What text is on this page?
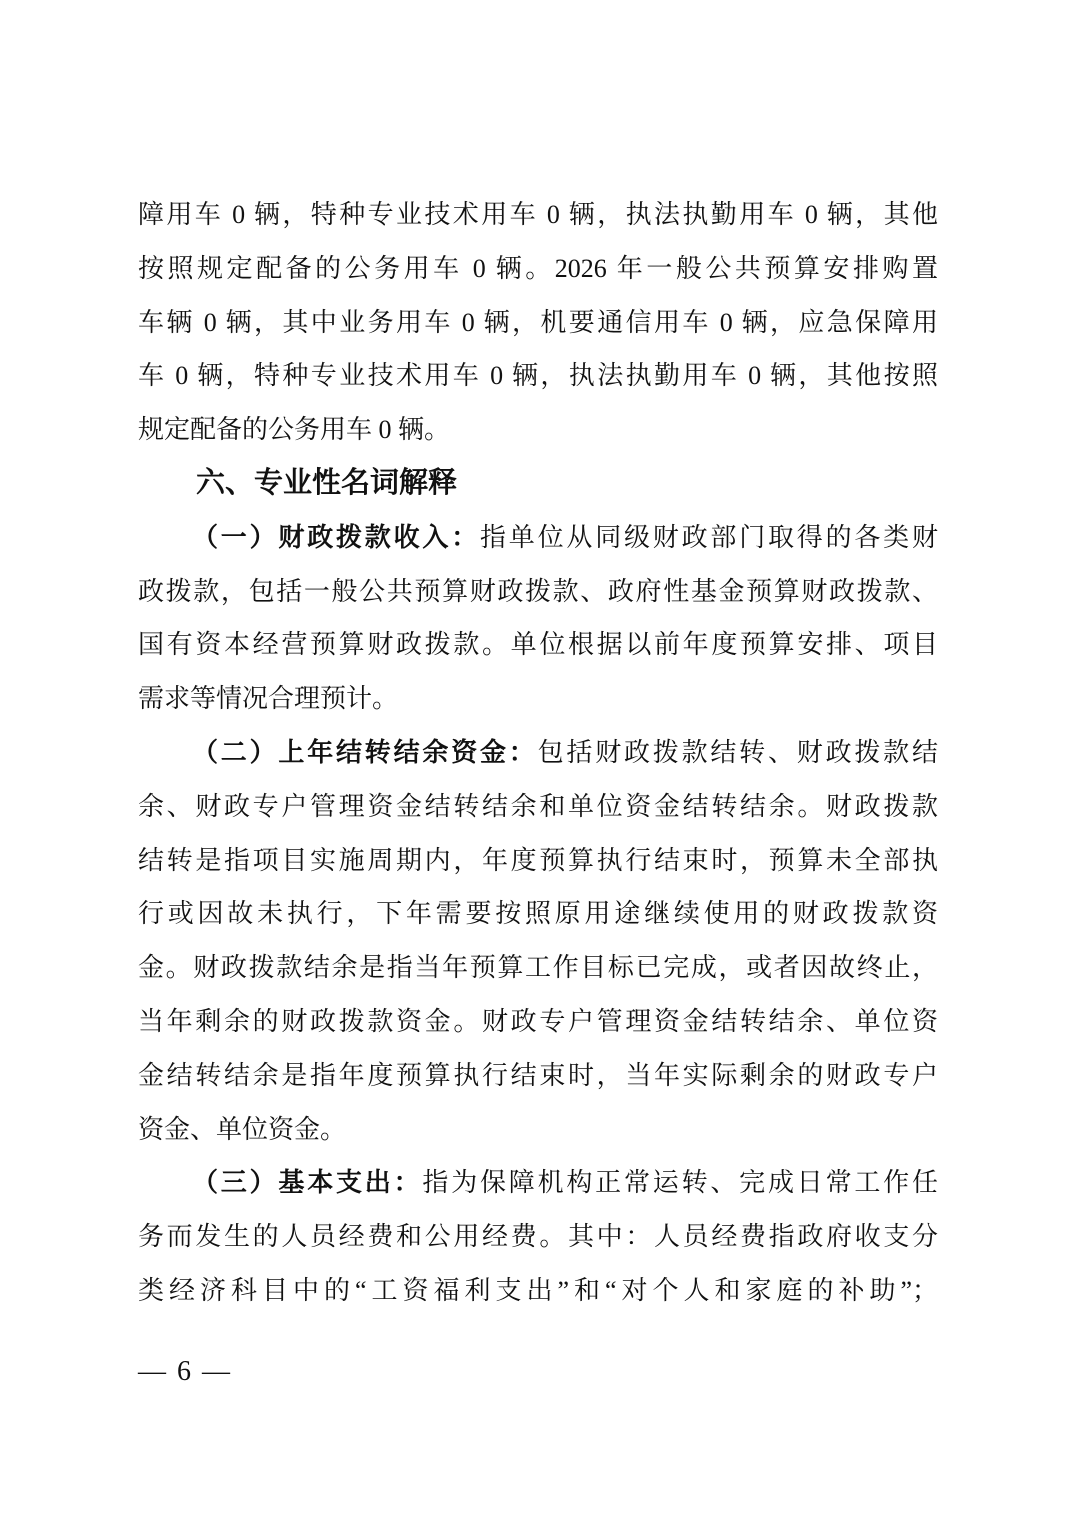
障用车 0 辆，特种专业技术用车 0 辆，执法执勤用车 0 辆，其他
按照规定配备的公务用车 0 辆。2026 年一般公共预算安排购置
车辆 0 辆，其中业务用车 0 辆，机要通信用车 0 辆，应急保障用
车 0 辆，特种专业技术用车 0 辆，执法执勤用车 0 辆，其他按照
规定配备的公务用车 0 辆。
六、专业性名词解释
（一）财政拨款收入：指单位从同级财政部门取得的各类财
政拨款，包括一般公共预算财政拨款、政府性基金预算财政拨款、
国有资本经营预算财政拨款。单位根据以前年度预算安排、项目
需求等情况合理预计。
（二）上年结转结余资金：包括财政拨款结转、财政拨款结
余、财政专户管理资金结转结余和单位资金结转结余。财政拨款
结转是指项目实施周期内，年度预算执行结束时，预算未全部执
行或因故未执行，下年需要按照原用途继续使用的财政拨款资
金。财政拨款结余是指当年预算工作目标已完成，或者因故终止，
当年剩余的财政拨款资金。财政专户管理资金结转结余、单位资
金结转结余是指年度预算执行结束时，当年实际剩余的财政专户
资金、单位资金。
（三）基本支出：指为保障机构正常运转、完成日常工作任
务而发生的人员经费和公用经费。其中：人员经费指政府收支分
类经济科目中的“工资福利支出”和“对个人和家庭的补助”；
— 6 —
